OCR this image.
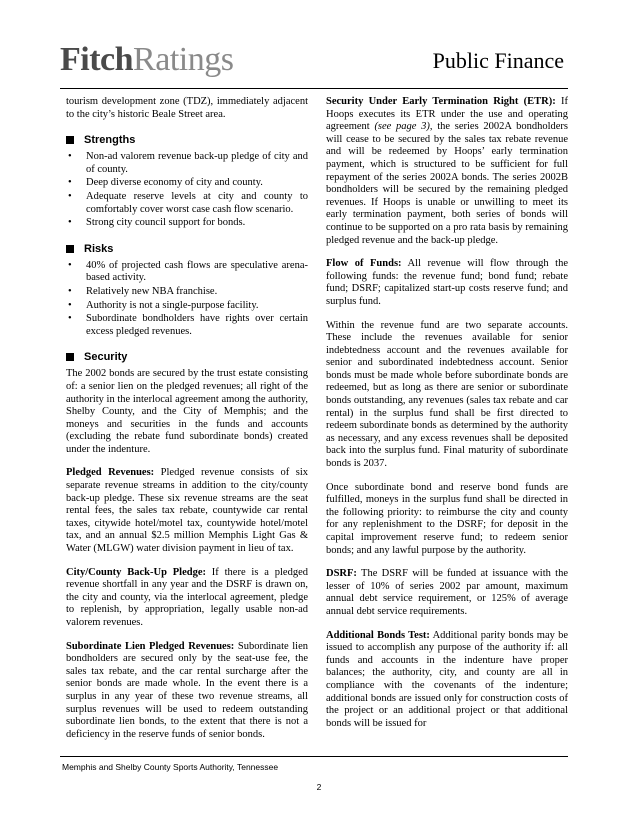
FitchRatings	Public Finance

tourism development zone (TDZ), immediately adjacent to the city’s historic Beale Street area.

Strengths
• Non-ad valorem revenue back-up pledge of city and of county.
• Deep diverse economy of city and county.
• Adequate reserve levels at city and county to comfortably cover worst case cash flow scenario.
• Strong city council support for bonds.
Risks
• 40% of projected cash flows are speculative arena-based activity.
• Relatively new NBA franchise.
• Authority is not a single-purpose facility.
• Subordinate bondholders have rights over certain excess pledged revenues.
Security

The 2002 bonds are secured by the trust estate consisting of: a senior lien on the pledged revenues; all right of the authority in the interlocal agreement among the authority, Shelby County, and the City of Memphis; and the moneys and securities in the funds and accounts (excluding the rebate fund subordinate bonds) created under the indenture.

Pledged Revenues: Pledged revenue consists of six separate revenue streams in addition to the city/county back-up pledge. These six revenue streams are the seat rental fees, the sales tax rebate, countywide car rental taxes, citywide hotel/motel tax, countywide hotel/motel tax, and an annual $2.5 million Memphis Light Gas & Water (MLGW) water division payment in lieu of tax.

City/County Back-Up Pledge: If there is a pledged revenue shortfall in any year and the DSRF is drawn on, the city and county, via the interlocal agreement, pledge to replenish, by appropriation, legally usable non-ad valorem revenues.

Subordinate Lien Pledged Revenues: Subordinate lien bondholders are secured only by the seat-use fee, the sales tax rebate, and the car rental surcharge after the senior bonds are made whole. In the event there is a surplus in any year of these two revenue streams, all surplus revenues will be used to redeem outstanding subordinate lien bonds, to the extent that there is not a deficiency in the reserve funds of senior bonds.

Security Under Early Termination Right (ETR): If Hoops executes its ETR under the use and operating agreement (see page 3), the series 2002A bondholders will cease to be secured by the sales tax rebate revenue and will be redeemed by Hoops’ early termination payment, which is structured to be sufficient for full repayment of the series 2002A bonds. The series 2002B bondholders will be secured by the remaining pledged revenues. If Hoops is unable or unwilling to meet its early termination payment, both series of bonds will continue to be supported on a pro rata basis by remaining pledged revenue and the back-up pledge.

Flow of Funds: All revenue will flow through the following funds: the revenue fund; bond fund; rebate fund; DSRF; capitalized start-up costs reserve fund; and surplus fund.

Within the revenue fund are two separate accounts. These include the revenues available for senior indebtedness account and the revenues available for senior and subordinated indebtedness account. Senior bonds must be made whole before subordinate bonds are redeemed, but as long as there are senior or subordinate bonds outstanding, any revenues (sales tax rebate and car rental) in the surplus fund shall be first directed to redeem subordinate bonds as determined by the authority as necessary, and any excess revenues shall be deposited back into the surplus fund. Final maturity of subordinate bonds is 2037.

Once subordinate bond and reserve bond funds are fulfilled, moneys in the surplus fund shall be directed in the following priority: to reimburse the city and county for any replenishment to the DSRF; for deposit in the capital improvement reserve fund; to redeem senior bonds; and any lawful purpose by the authority.

DSRF: The DSRF will be funded at issuance with the lesser of 10% of series 2002 par amount, maximum annual debt service requirement, or 125% of average annual debt service requirements.

Additional Bonds Test: Additional parity bonds may be issued to accomplish any purpose of the authority if: all funds and accounts in the indenture have proper balances; the authority, city, and county are all in compliance with the covenants of the indenture; additional bonds are issued only for construction costs of the project or an additional project or that additional bonds will be issued for

Memphis and Shelby County Sports Authority, Tennessee
2
